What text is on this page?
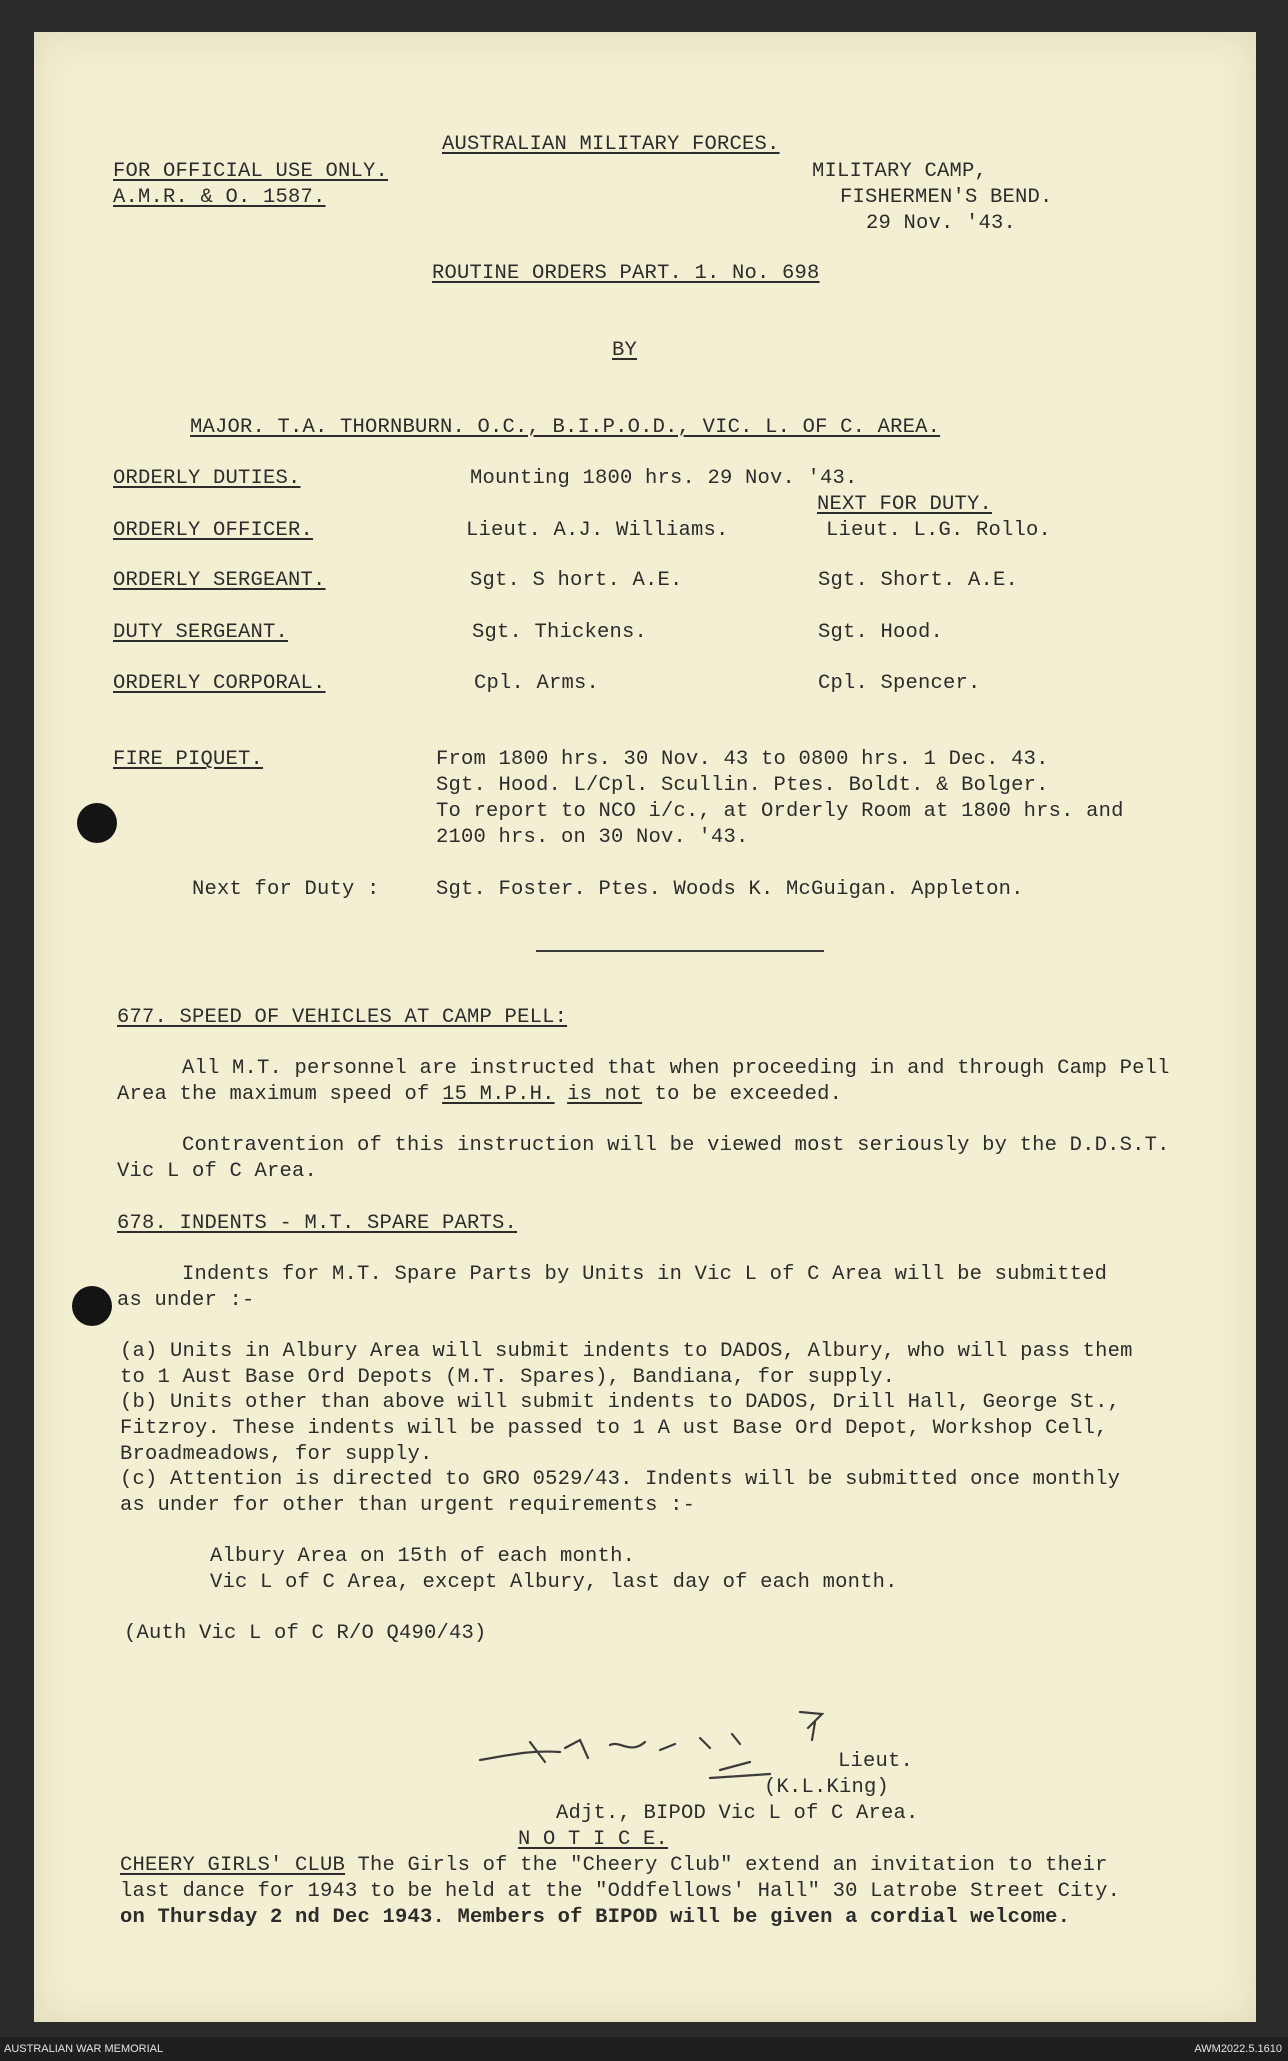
AUSTRALIAN MILITARY FORCES.
FOR OFFICIAL USE ONLY.
A.M.R. & O. 1587.
MILITARY CAMP,
FISHERMEN'S BEND.
29 Nov. '43.
ROUTINE ORDERS PART. 1. No. 698
BY
MAJOR. T.A. THORNBURN. O.C., B.I.P.O.D., VIC. L. OF C. AREA.
ORDERLY DUTIES.	Mounting 1800 hrs. 29 Nov. '43.
NEXT FOR DUTY.
ORDERLY OFFICER.	Lieut. A.J. Williams.	Lieut. L.G. Rollo.
ORDERLY SERGEANT.	Sgt. S hort. A.E.	Sgt. Short. A.E.
DUTY SERGEANT.	Sgt. Thickens.	Sgt. Hood.
ORDERLY CORPORAL.	Cpl. Arms.	Cpl. Spencer.
FIRE PIQUET.	From 1800 hrs. 30 Nov. 43 to 0800 hrs. 1 Dec. 43.
Sgt. Hood. L/Cpl. Scullin. Ptes. Boldt. & Bolger.
To report to NCO i/c., at Orderly Room at 1800 hrs. and
2100 hrs. on 30 Nov. '43.
Next for Duty :	Sgt. Foster. Ptes. Woods K. McGuigan. Appleton.
677. SPEED OF VEHICLES AT CAMP PELL:
All M.T. personnel are instructed that when proceeding in and through Camp Pell
Area the maximum speed of 15 M.P.H. is not to be exceeded.
Contravention of this instruction will be viewed most seriously by the D.D.S.T.
Vic L of C Area.
678. INDENTS - M.T. SPARE PARTS.
Indents for M.T. Spare Parts by Units in Vic L of C Area will be submitted
as under :-
(a) Units in Albury Area will submit indents to DADOS, Albury, who will pass them
to 1 Aust Base Ord Depots (M.T. Spares), Bandiana, for supply.
(b) Units other than above will submit indents to DADOS, Drill Hall, George St.,
Fitzroy. These indents will be passed to 1 A ust Base Ord Depot, Workshop Cell,
Broadmeadows, for supply.
(c) Attention is directed to GRO 0529/43. Indents will be submitted once monthly
as under for other than urgent requirements :-
Albury Area on 15th of each month.
Vic L of C Area, except Albury, last day of each month.
(Auth Vic L of C R/O Q490/43)
Lieut.
(K.L.King)
Adjt., BIPOD Vic L of C Area.
N O T I C E.
CHEERY GIRLS' CLUB The Girls of the "Cheery Club" extend an invitation to their
last dance for 1943 to be held at the "Oddfellows' Hall" 30 Latrobe Street City.
on Thursday 2 nd Dec 1943. Members of BIPOD will be given a cordial welcome.
AUSTRALIAN WAR MEMORIAL	AWM2022.5.1610
